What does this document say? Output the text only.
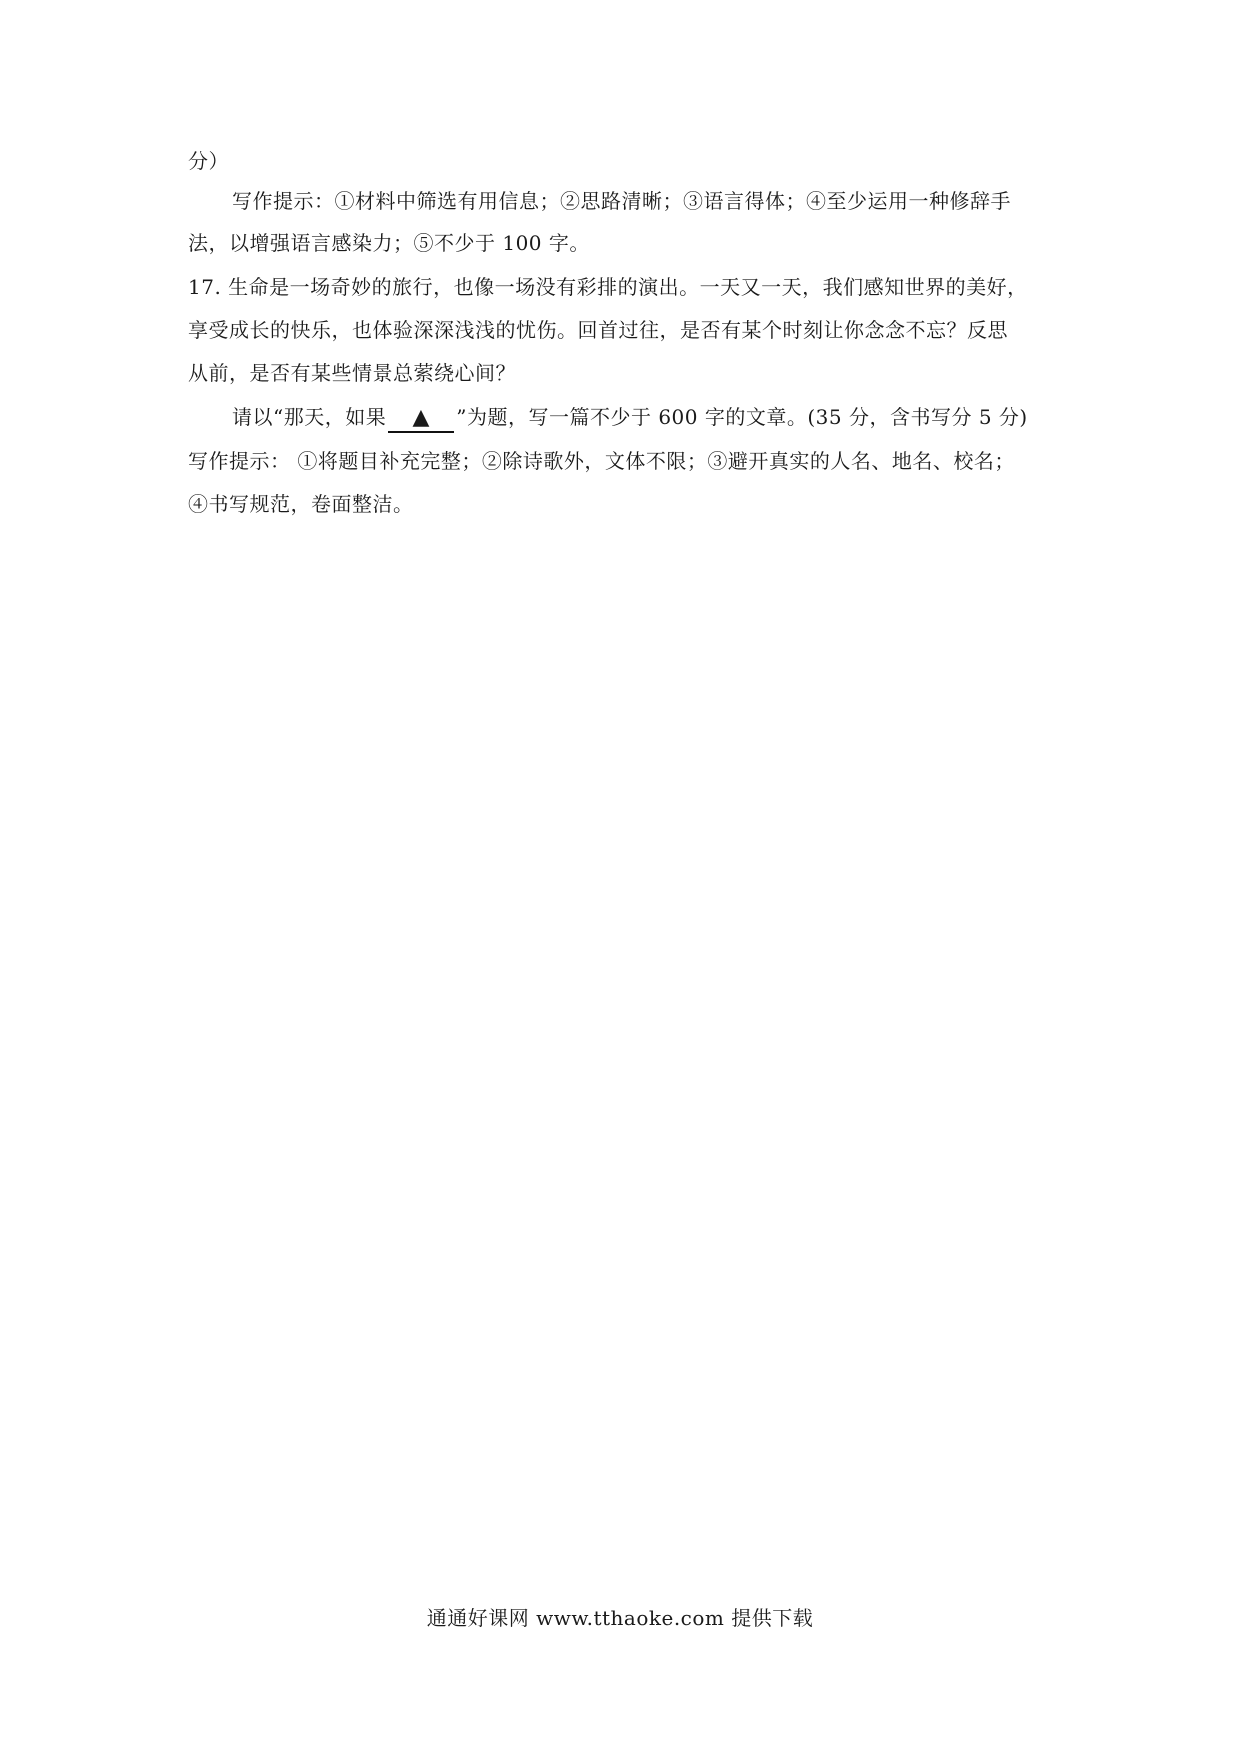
分）
写作提示：①材料中筛选有用信息；②思路清晰；③语言得体；④至少运用一种修辞手
法，以增强语言感染力；⑤不少于 100 字。
17. 生命是一场奇妙的旅行，也像一场没有彩排的演出。一天又一天，我们感知世界的美好，
享受成长的快乐，也体验深深浅浅的忧伤。回首过往，是否有某个时刻让你念念不忘？反思
从前，是否有某些情景总萦绕心间？
请以“那天，如果 ▲ ”为题，写一篇不少于 600 字的文章。(35 分，含书写分 5 分)
写作提示： ①将题目补充完整；②除诗歌外，文体不限；③避开真实的人名、地名、校名；
④书写规范，卷面整洁。
通通好课网 www.tthaoke.com 提供下载
